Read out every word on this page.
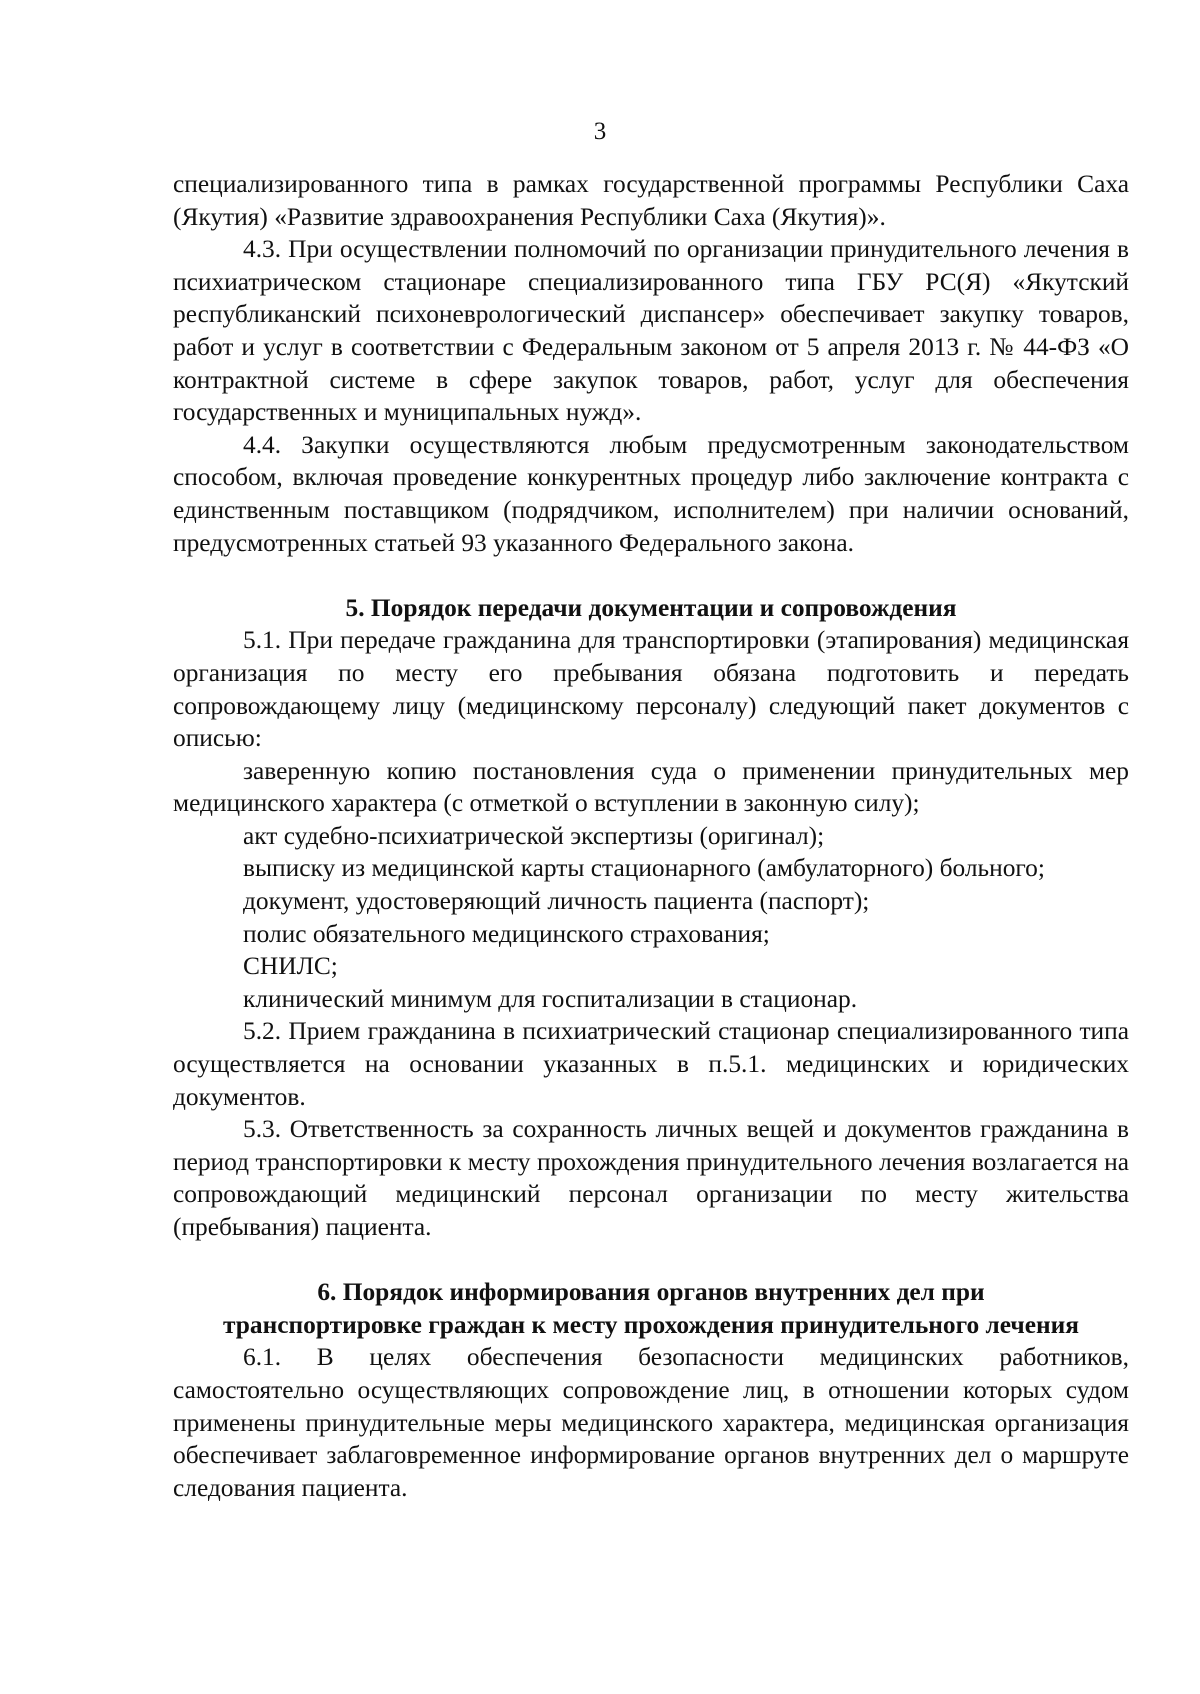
3

специализированного типа в рамках государственной программы Республики Саха (Якутия) «Развитие здравоохранения Республики Саха (Якутия)».

4.3. При осуществлении полномочий по организации принудительного лечения в психиатрическом стационаре специализированного типа ГБУ РС(Я) «Якутский республиканский психоневрологический диспансер» обеспечивает закупку товаров, работ и услуг в соответствии с Федеральным законом от 5 апреля 2013 г. № 44-ФЗ «О контрактной системе в сфере закупок товаров, работ, услуг для обеспечения государственных и муниципальных нужд».

4.4. Закупки осуществляются любым предусмотренным законодательством способом, включая проведение конкурентных процедур либо заключение контракта с единственным поставщиком (подрядчиком, исполнителем) при наличии оснований, предусмотренных статьей 93 указанного Федерального закона.

5. Порядок передачи документации и сопровождения

5.1. При передаче гражданина для транспортировки (этапирования) медицинская организация по месту его пребывания обязана подготовить и передать сопровождающему лицу (медицинскому персоналу) следующий пакет документов с описью:

заверенную копию постановления суда о применении принудительных мер медицинского характера (с отметкой о вступлении в законную силу);

акт судебно-психиатрической экспертизы (оригинал);

выписку из медицинской карты стационарного (амбулаторного) больного;

документ, удостоверяющий личность пациента (паспорт);

полис обязательного медицинского страхования;

СНИЛС;

клинический минимум для госпитализации в стационар.

5.2. Прием гражданина в психиатрический стационар специализированного типа осуществляется на основании указанных в п.5.1. медицинских и юридических документов.

5.3. Ответственность за сохранность личных вещей и документов гражданина в период транспортировки к месту прохождения принудительного лечения возлагается на сопровождающий медицинский персонал организации по месту жительства (пребывания) пациента.

6. Порядок информирования органов внутренних дел при
транспортировке граждан к месту прохождения принудительного лечения

6.1. В целях обеспечения безопасности медицинских работников, самостоятельно осуществляющих сопровождение лиц, в отношении которых судом применены принудительные меры медицинского характера, медицинская организация обеспечивает заблаговременное информирование органов внутренних дел о маршруте следования пациента.
